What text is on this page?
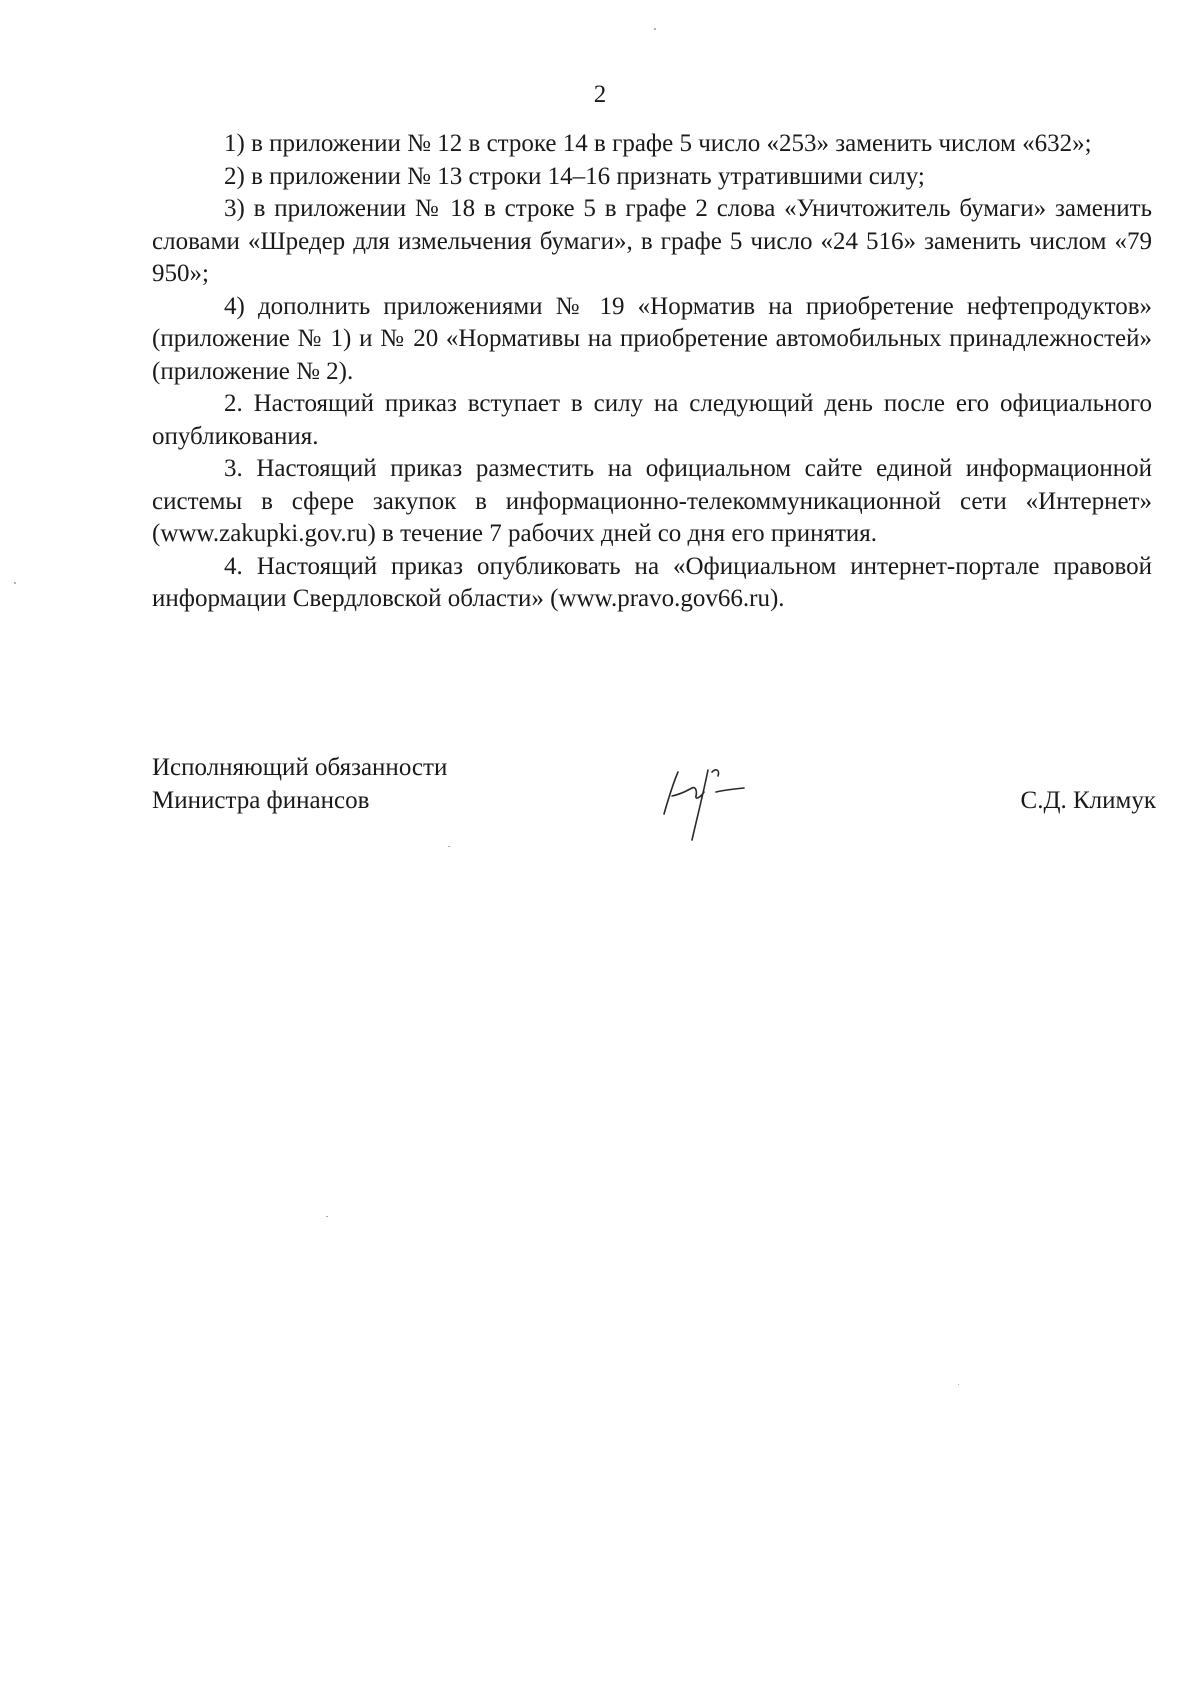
2

1) в приложении № 12 в строке 14 в графе 5 число «253» заменить числом «632»;

2) в приложении № 13 строки 14–16 признать утратившими силу;

3) в приложении № 18 в строке 5 в графе 2 слова «Уничтожитель бумаги» заменить словами «Шредер для измельчения бумаги», в графе 5 число «24 516» заменить числом «79 950»;

4) дополнить приложениями № 19 «Норматив на приобретение нефтепродуктов» (приложение № 1) и № 20 «Нормативы на приобретение автомобильных принадлежностей» (приложение № 2).

2. Настоящий приказ вступает в силу на следующий день после его официального опубликования.

3. Настоящий приказ разместить на официальном сайте единой информационной системы в сфере закупок в информационно-телекоммуникационной сети «Интернет» (www.zakupki.gov.ru) в течение 7 рабочих дней со дня его принятия.

4. Настоящий приказ опубликовать на «Официальном интернет-портале правовой информации Свердловской области» (www.pravo.gov66.ru).

Исполняющий обязанности
Министра финансов	С.Д. Климук
